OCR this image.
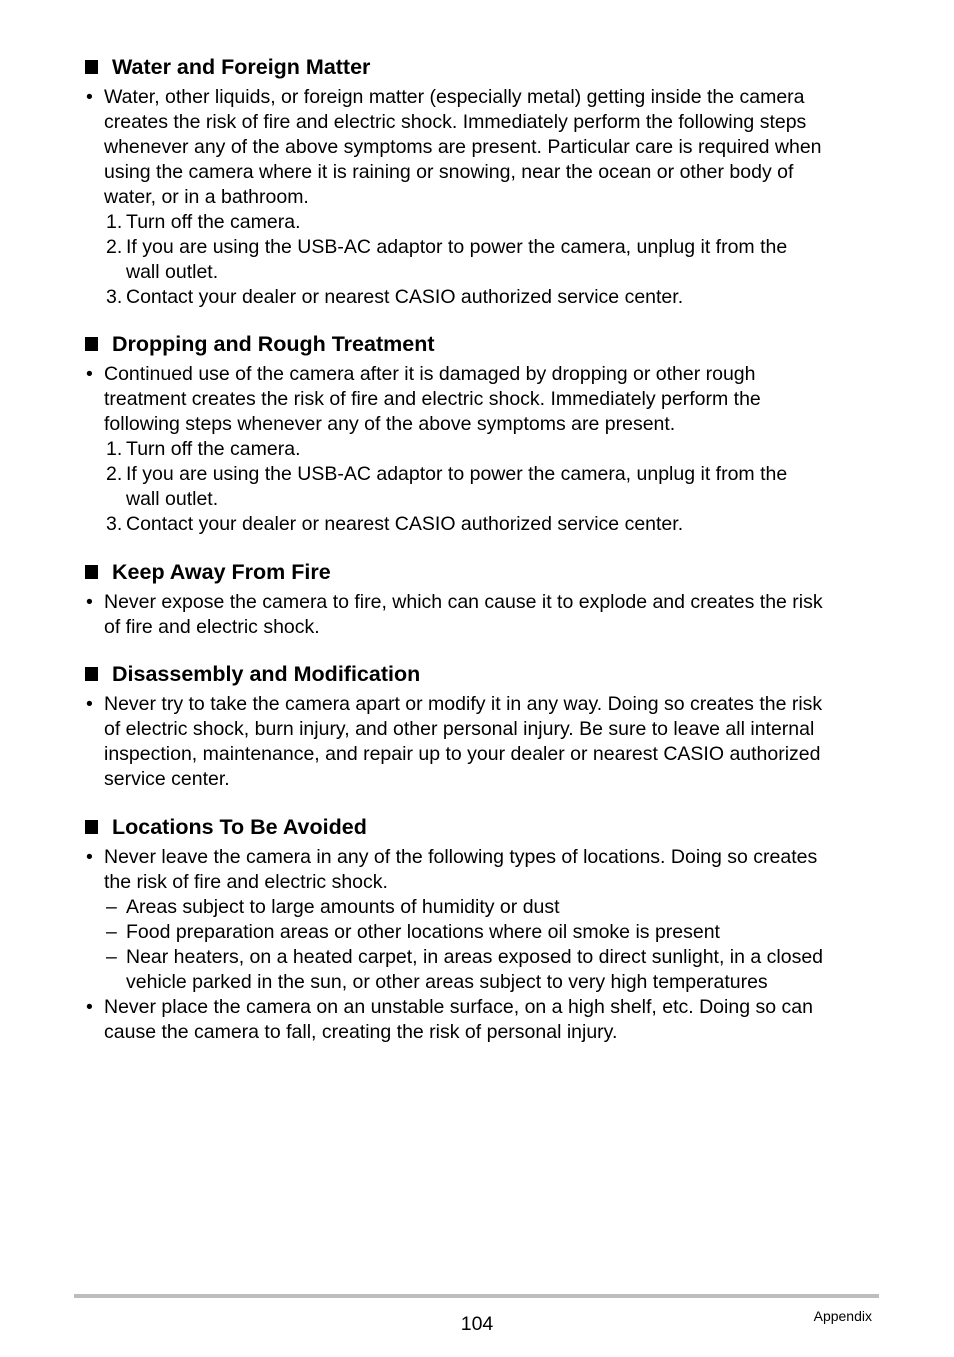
Water and Foreign Matter
• Water, other liquids, or foreign matter (especially metal) getting inside the camera
creates the risk of fire and electric shock. Immediately perform the following steps
whenever any of the above symptoms are present. Particular care is required when
using the camera where it is raining or snowing, near the ocean or other body of
water, or in a bathroom.
1. Turn off the camera.
2. If you are using the USB-AC adaptor to power the camera, unplug it from the
wall outlet.
3. Contact your dealer or nearest CASIO authorized service center.
Dropping and Rough Treatment
• Continued use of the camera after it is damaged by dropping or other rough
treatment creates the risk of fire and electric shock. Immediately perform the
following steps whenever any of the above symptoms are present.
1. Turn off the camera.
2. If you are using the USB-AC adaptor to power the camera, unplug it from the
wall outlet.
3. Contact your dealer or nearest CASIO authorized service center.
Keep Away From Fire
• Never expose the camera to fire, which can cause it to explode and creates the risk
of fire and electric shock.
Disassembly and Modification
• Never try to take the camera apart or modify it in any way. Doing so creates the risk
of electric shock, burn injury, and other personal injury. Be sure to leave all internal
inspection, maintenance, and repair up to your dealer or nearest CASIO authorized
service center.
Locations To Be Avoided
• Never leave the camera in any of the following types of locations. Doing so creates
the risk of fire and electric shock.
– Areas subject to large amounts of humidity or dust
– Food preparation areas or other locations where oil smoke is present
– Near heaters, on a heated carpet, in areas exposed to direct sunlight, in a closed
vehicle parked in the sun, or other areas subject to very high temperatures
• Never place the camera on an unstable surface, on a high shelf, etc. Doing so can
cause the camera to fall, creating the risk of personal injury.
104	Appendix
